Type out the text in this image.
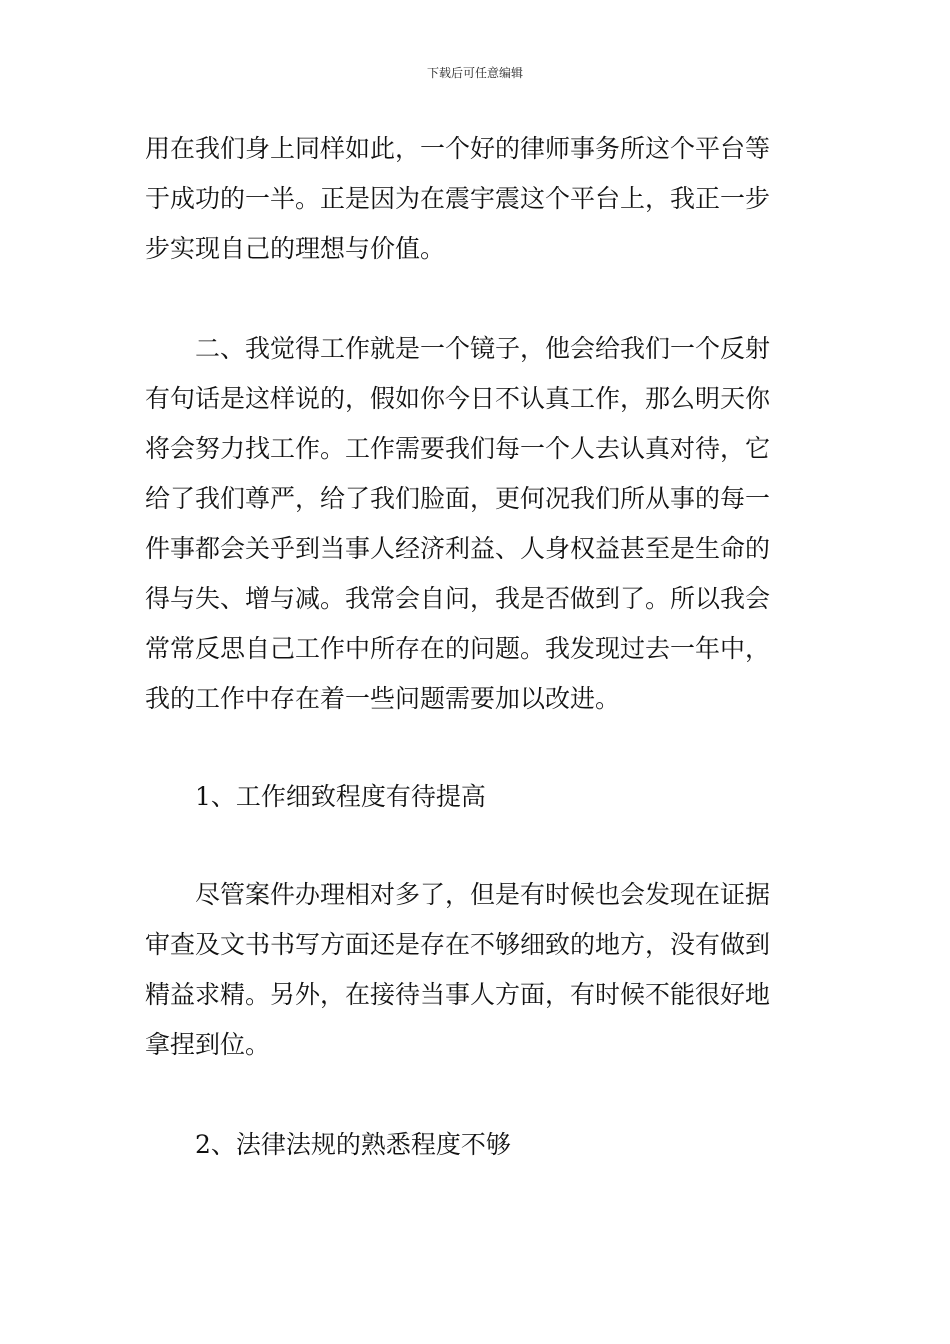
下载后可任意编辑
用在我们身上同样如此，一个好的律师事务所这个平台等
于成功的一半。正是因为在震宇震这个平台上，我正一步
步实现自己的理想与价值。
二、我觉得工作就是一个镜子，他会给我们一个反射
有句话是这样说的，假如你今日不认真工作，那么明天你
将会努力找工作。工作需要我们每一个人去认真对待，它
给了我们尊严，给了我们脸面，更何况我们所从事的每一
件事都会关乎到当事人经济利益、人身权益甚至是生命的
得与失、增与减。我常会自问，我是否做到了。所以我会
常常反思自己工作中所存在的问题。我发现过去一年中，
我的工作中存在着一些问题需要加以改进。
1、工作细致程度有待提高
尽管案件办理相对多了，但是有时候也会发现在证据
审查及文书书写方面还是存在不够细致的地方，没有做到
精益求精。另外，在接待当事人方面，有时候不能很好地
拿捏到位。
2、法律法规的熟悉程度不够
